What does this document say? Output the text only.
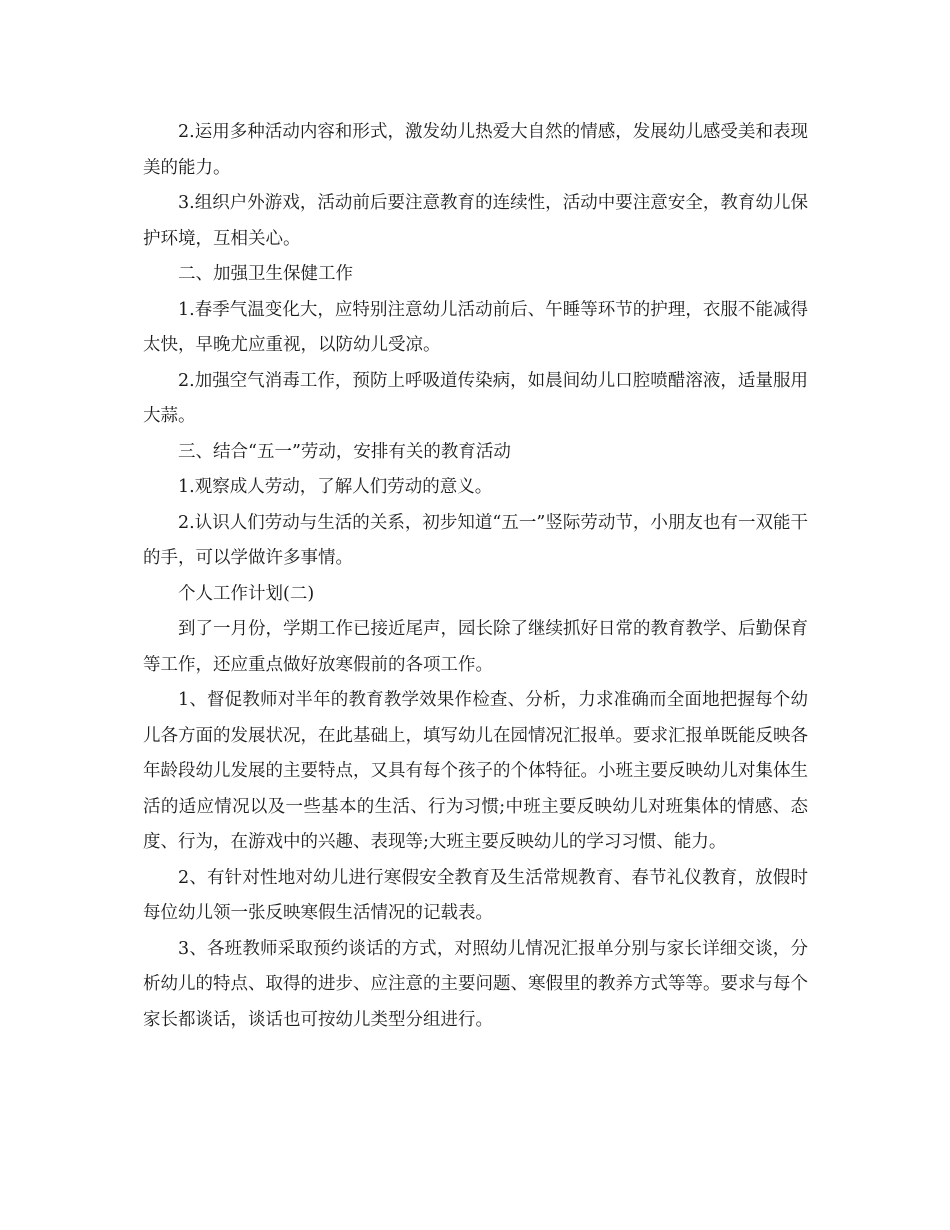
2.运用多种活动内容和形式，激发幼儿热爱大自然的情感，发展幼儿感受美和表现美的能力。

3.组织户外游戏，活动前后要注意教育的连续性，活动中要注意安全，教育幼儿保护环境，互相关心。

二、加强卫生保健工作

1.春季气温变化大，应特别注意幼儿活动前后、午睡等环节的护理，衣服不能减得太快，早晚尤应重视，以防幼儿受凉。

2.加强空气消毒工作，预防上呼吸道传染病，如晨间幼儿口腔喷醋溶液，适量服用大蒜。

三、结合“五一”劳动，安排有关的教育活动

1.观察成人劳动，了解人们劳动的意义。

2.认识人们劳动与生活的关系，初步知道“五一”竖际劳动节，小朋友也有一双能干的手，可以学做许多事情。

个人工作计划(二)

到了一月份，学期工作已接近尾声，园长除了继续抓好日常的教育教学、后勤保育等工作，还应重点做好放寒假前的各项工作。

1、督促教师对半年的教育教学效果作检查、分析，力求准确而全面地把握每个幼儿各方面的发展状况，在此基础上，填写幼儿在园情况汇报单。要求汇报单既能反映各年龄段幼儿发展的主要特点，又具有每个孩子的个体特征。小班主要反映幼儿对集体生活的适应情况以及一些基本的生活、行为习惯;中班主要反映幼儿对班集体的情感、态度、行为，在游戏中的兴趣、表现等;大班主要反映幼儿的学习习惯、能力。

2、有针对性地对幼儿进行寒假安全教育及生活常规教育、春节礼仪教育，放假时每位幼儿领一张反映寒假生活情况的记载表。

3、各班教师采取预约谈话的方式，对照幼儿情况汇报单分别与家长详细交谈，分析幼儿的特点、取得的进步、应注意的主要问题、寒假里的教养方式等等。要求与每个家长都谈话，谈话也可按幼儿类型分组进行。
